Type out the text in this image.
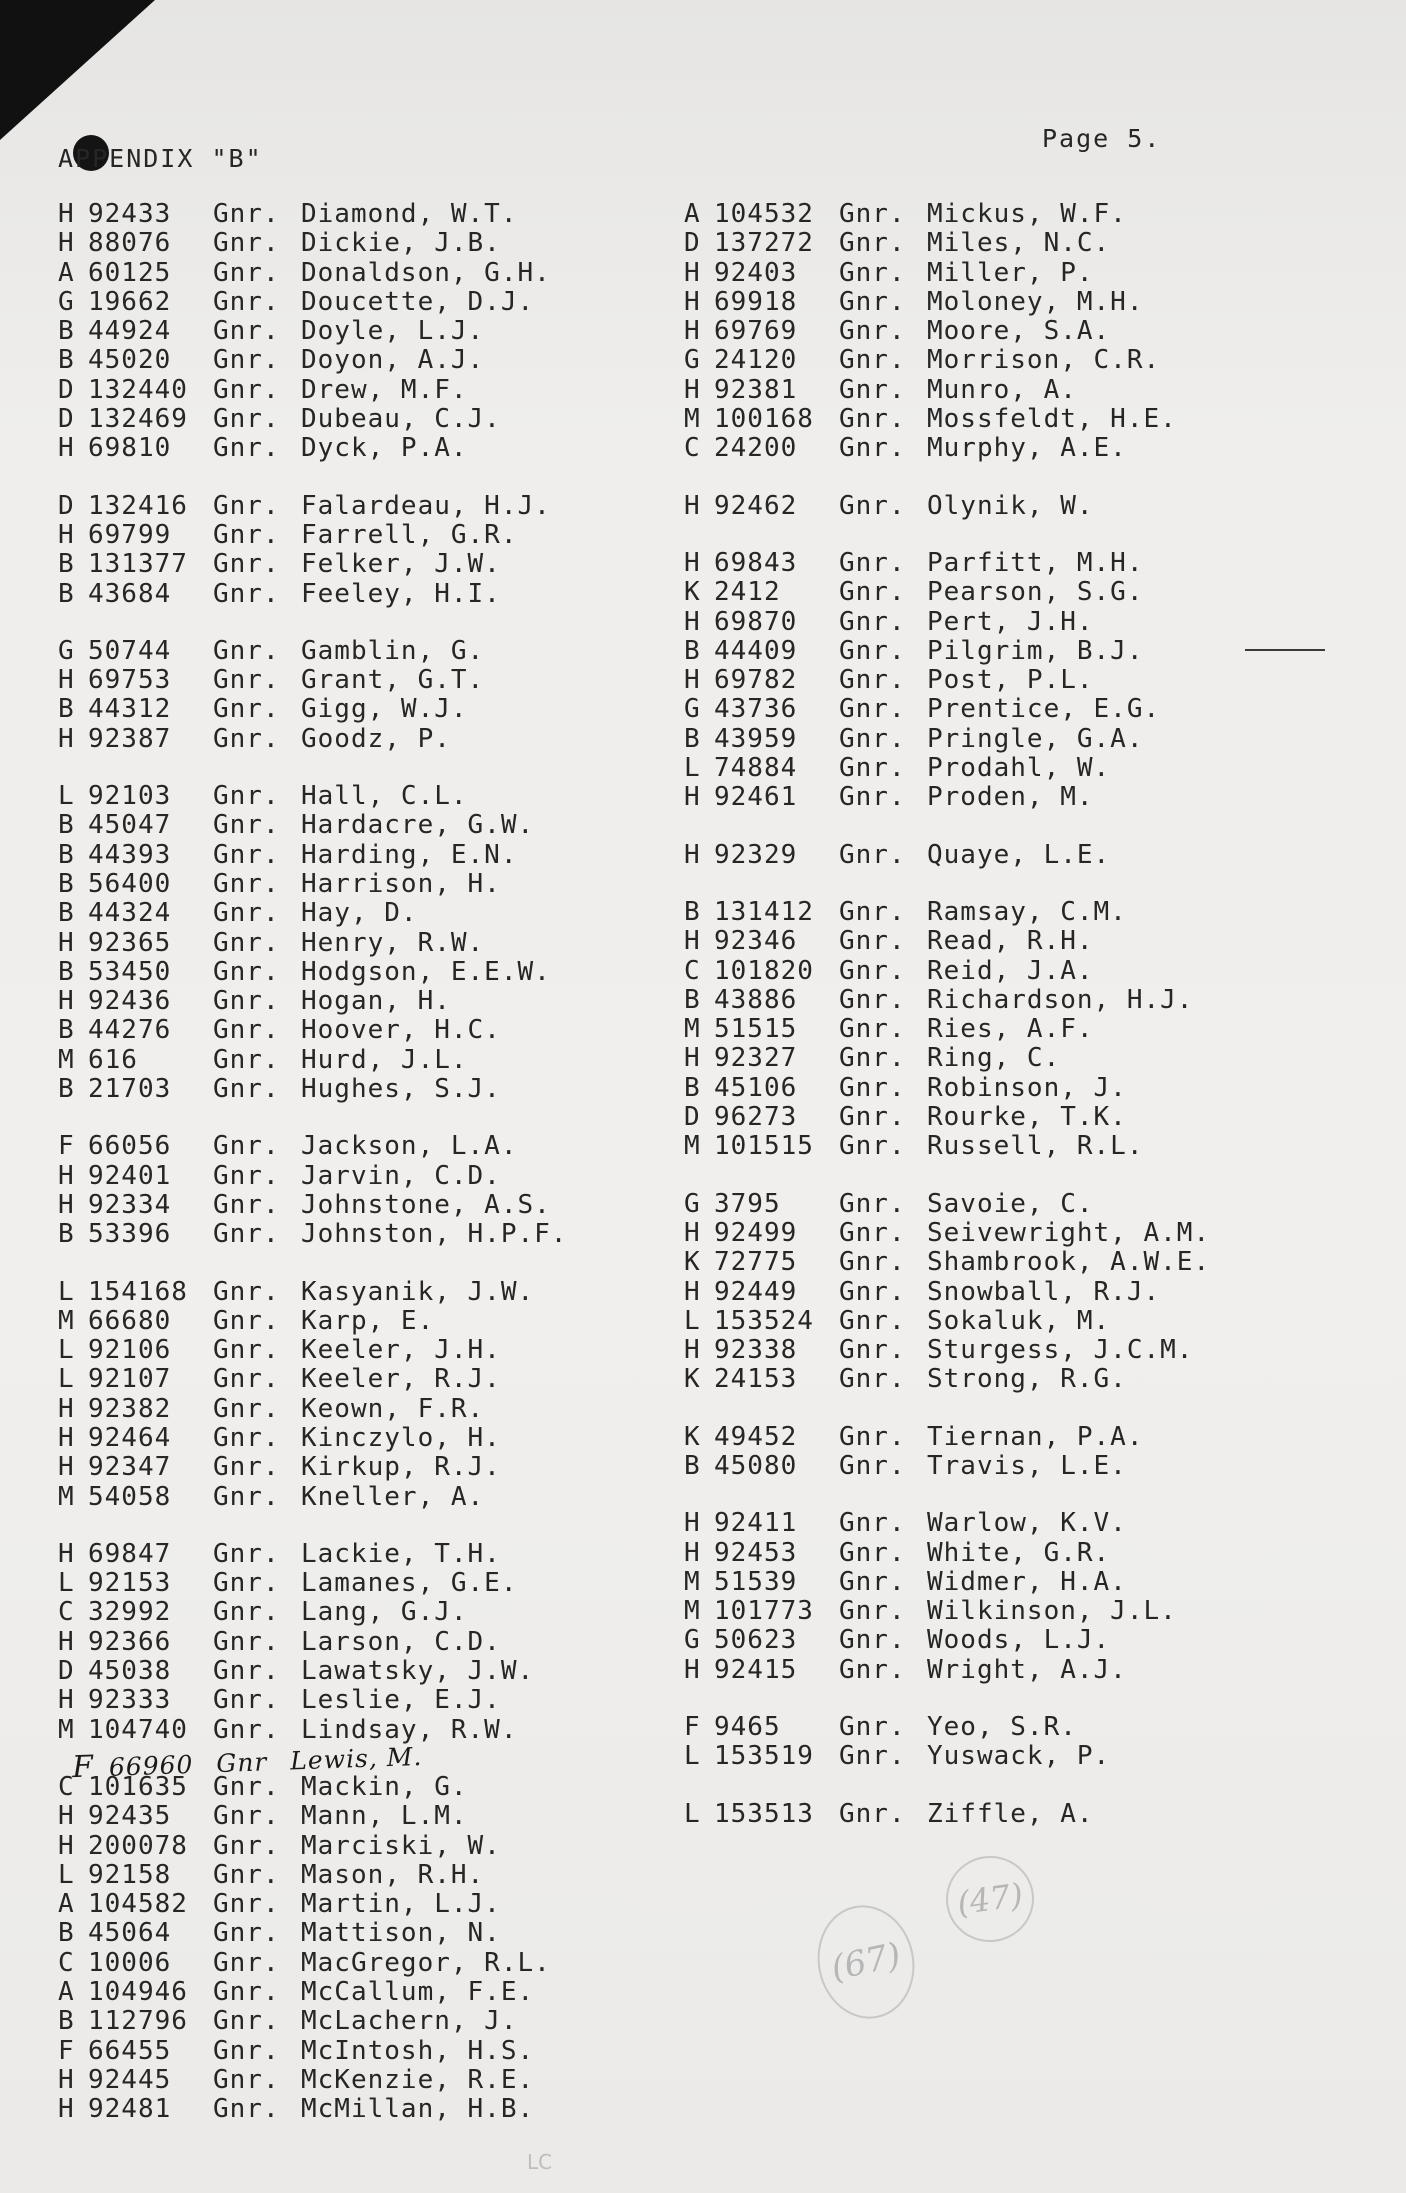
APPENDIX "B"
Page 5.
H 92433	Gnr. Diamond, W.T.
H 88076	Gnr. Dickie, J.B.
A 60125	Gnr. Donaldson, G.H.
G 19662	Gnr. Doucette, D.J.
B 44924	Gnr. Doyle, L.J.
B 45020	Gnr. Doyon, A.J.
D 132440 Gnr. Drew, M.F.
D 132469 Gnr. Dubeau, C.J.
H 69810	Gnr. Dyck, P.A.
D 132416 Gnr. Falardeau, H.J.
H 69799	Gnr. Farrell, G.R.
B 131377 Gnr. Felker, J.W.
B 43684	Gnr. Feeley, H.I.
G 50744	Gnr. Gamblin, G.
H 69753	Gnr. Grant, G.T.
B 44312	Gnr. Gigg, W.J.
H 92387	Gnr. Goodz, P.
L 92103	Gnr. Hall, C.L.
B 45047	Gnr. Hardacre, G.W.
B 44393	Gnr. Harding, E.N.
B 56400	Gnr. Harrison, H.
B 44324	Gnr. Hay, D.
H 92365	Gnr. Henry, R.W.
B 53450	Gnr. Hodgson, E.E.W.
H 92436	Gnr. Hogan, H.
B 44276	Gnr. Hoover, H.C.
M 616	Gnr. Hurd, J.L.
B 21703	Gnr. Hughes, S.J.
F 66056	Gnr. Jackson, L.A.
H 92401	Gnr. Jarvin, C.D.
H 92334	Gnr. Johnstone, A.S.
B 53396	Gnr. Johnston, H.P.F.
L 154168 Gnr. Kasyanik, J.W.
M 66680	Gnr. Karp, E.
L 92106	Gnr. Keeler, J.H.
L 92107	Gnr. Keeler, R.J.
H 92382	Gnr. Keown, F.R.
H 92464	Gnr. Kinczylo, H.
H 92347	Gnr. Kirkup, R.J.
M 54058	Gnr. Kneller, A.
H 69847	Gnr. Lackie, T.H.
L 92153	Gnr. Lamanes, G.E.
C 32992	Gnr. Lang, G.J.
H 92366	Gnr. Larson, C.D.
D 45038	Gnr. Lawatsky, J.W.
H 92333	Gnr. Leslie, E.J.
M 104740 Gnr. Lindsay, R.W.
C 101635 Gnr. Mackin, G.
H 92435	Gnr. Mann, L.M.
H 200078 Gnr. Marciski, W.
L 92158	Gnr. Mason, R.H.
A 104582 Gnr. Martin, L.J.
B 45064	Gnr. Mattison, N.
C 10006	Gnr. MacGregor, R.L.
A 104946 Gnr. McCallum, F.E.
B 112796 Gnr. McLachern, J.
F 66455	Gnr. McIntosh, H.S.
H 92445	Gnr. McKenzie, R.E.
H 92481	Gnr. McMillan, H.B.
A 104532 Gnr. Mickus, W.F.
D 137272 Gnr. Miles, N.C.
H 92403	Gnr. Miller, P.
H 69918	Gnr. Moloney, M.H.
H 69769	Gnr. Moore, S.A.
G 24120	Gnr. Morrison, C.R.
H 92381	Gnr. Munro, A.
M 100168 Gnr. Mossfeldt, H.E.
C 24200	Gnr. Murphy, A.E.
H 92462	Gnr. Olynik, W.
H 69843	Gnr. Parfitt, M.H.
K 2412	Gnr. Pearson, S.G.
H 69870	Gnr. Pert, J.H.
B 44409	Gnr. Pilgrim, B.J.
H 69782	Gnr. Post, P.L.
G 43736	Gnr. Prentice, E.G.
B 43959	Gnr. Pringle, G.A.
L 74884	Gnr. Prodahl, W.
H 92461	Gnr. Proden, M.
H 92329	Gnr. Quaye, L.E.
B 131412 Gnr. Ramsay, C.M.
H 92346	Gnr. Read, R.H.
C 101820 Gnr. Reid, J.A.
B 43886	Gnr. Richardson, H.J.
M 51515	Gnr. Ries, A.F.
H 92327	Gnr. Ring, C.
B 45106	Gnr. Robinson, J.
D 96273	Gnr. Rourke, T.K.
M 101515 Gnr. Russell, R.L.
G 3795	Gnr. Savoie, C.
H 92499	Gnr. Seivewright, A.M.
K 72775	Gnr. Shambrook, A.W.E.
H 92449	Gnr. Snowball, R.J.
L 153524 Gnr. Sokaluk, M.
H 92338	Gnr. Sturgess, J.C.M.
K 24153	Gnr. Strong, R.G.
K 49452	Gnr. Tiernan, P.A.
B 45080	Gnr. Travis, L.E.
H 92411	Gnr. Warlow, K.V.
H 92453	Gnr. White, G.R.
M 51539	Gnr. Widmer, H.A.
M 101773 Gnr. Wilkinson, J.L.
G 50623	Gnr. Woods, L.J.
H 92415	Gnr. Wright, A.J.
F 9465	Gnr. Yeo, S.R.
L 153519 Gnr. Yuswack, P.
L 153513 Gnr. Ziffle, A.
F 66960 Gnr Lewis, M.
(67)
(47)
LC
